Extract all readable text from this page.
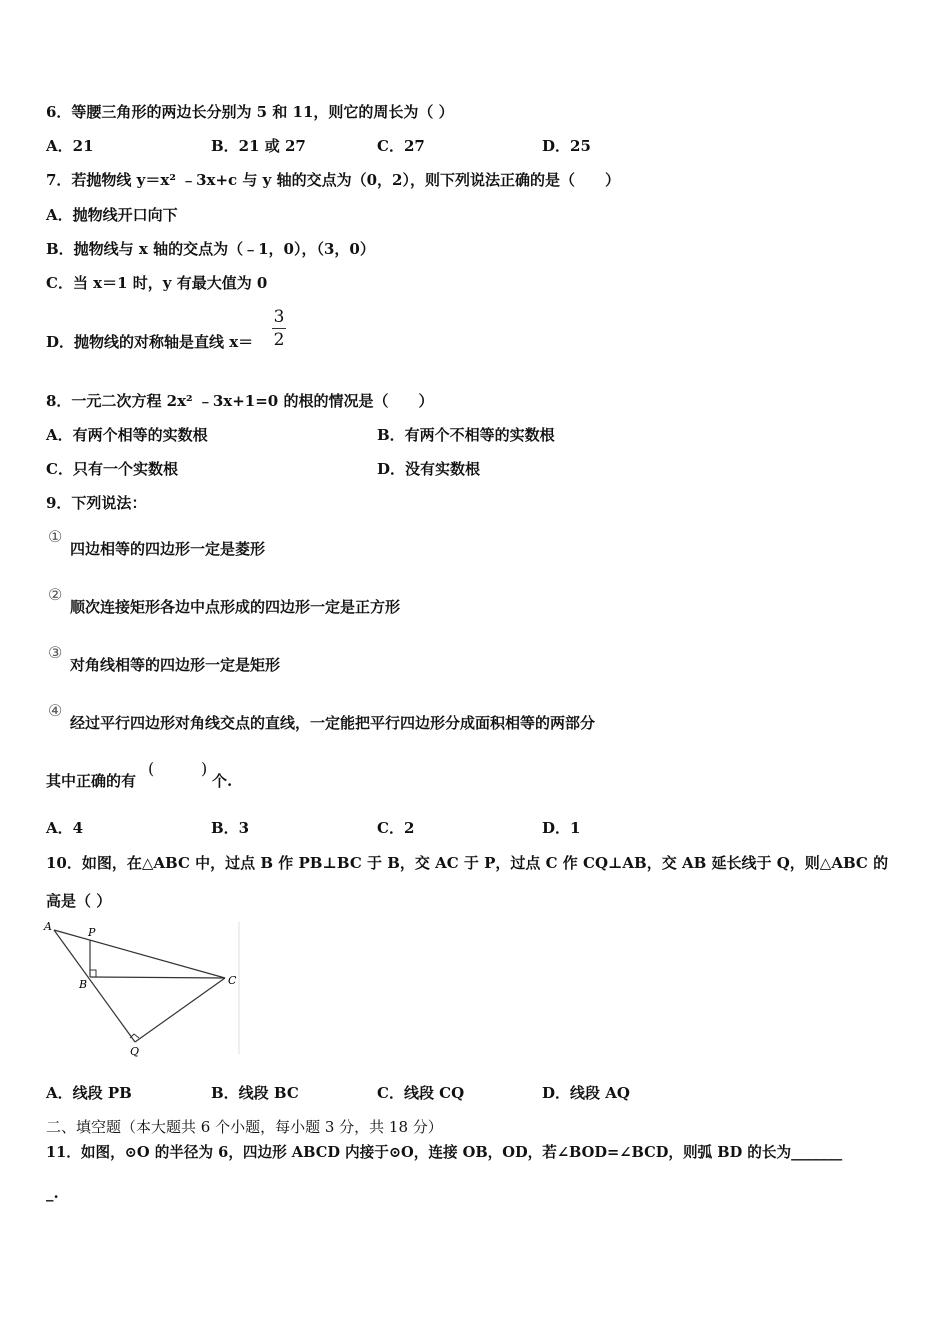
6．等腰三角形的两边长分别为 5 和 11，则它的周长为（ ）
A．21	B．21 或 27	C．27	D．25
7．若抛物线 y＝x² ﹣3x+c 与 y 轴的交点为（0，2），则下列说法正确的是（　　）
A．抛物线开口向下
B．抛物线与 x 轴的交点为（﹣1，0），（3，0）
C．当 x＝1 时，y 有最大值为 0
D．抛物线的对称轴是直线 x＝
3
2
8．一元二次方程 2x² ﹣3x+1=0 的根的情况是（　　）
A．有两个相等的实数根	B．有两个不相等的实数根
C．只有一个实数根	D．没有实数根
9．下列说法：
①
四边相等的四边形一定是菱形
②
顺次连接矩形各边中点形成的四边形一定是正方形
③
对角线相等的四边形一定是矩形
④
经过平行四边形对角线交点的直线，一定能把平行四边形分成面积相等的两部分
其中正确的有
(	)
个.
A．4	B．3	C．2	D．1
10．如图，在△ABC 中，过点 B 作 PB⊥BC 于 B，交 AC 于 P，过点 C 作 CQ⊥AB，交 AB 延长线于 Q，则△ABC 的
高是（ ）
A	P
B	C
Q
A．线段 PB	B．线段 BC	C．线段 CQ	D．线段 AQ
二、填空题（本大题共 6 个小题，每小题 3 分，共 18 分）
11．如图，⊙O 的半径为 6，四边形 ABCD 内接于⊙O，连接 OB，OD，若∠BOD=∠BCD，则弧 BD 的长为_______
_.
